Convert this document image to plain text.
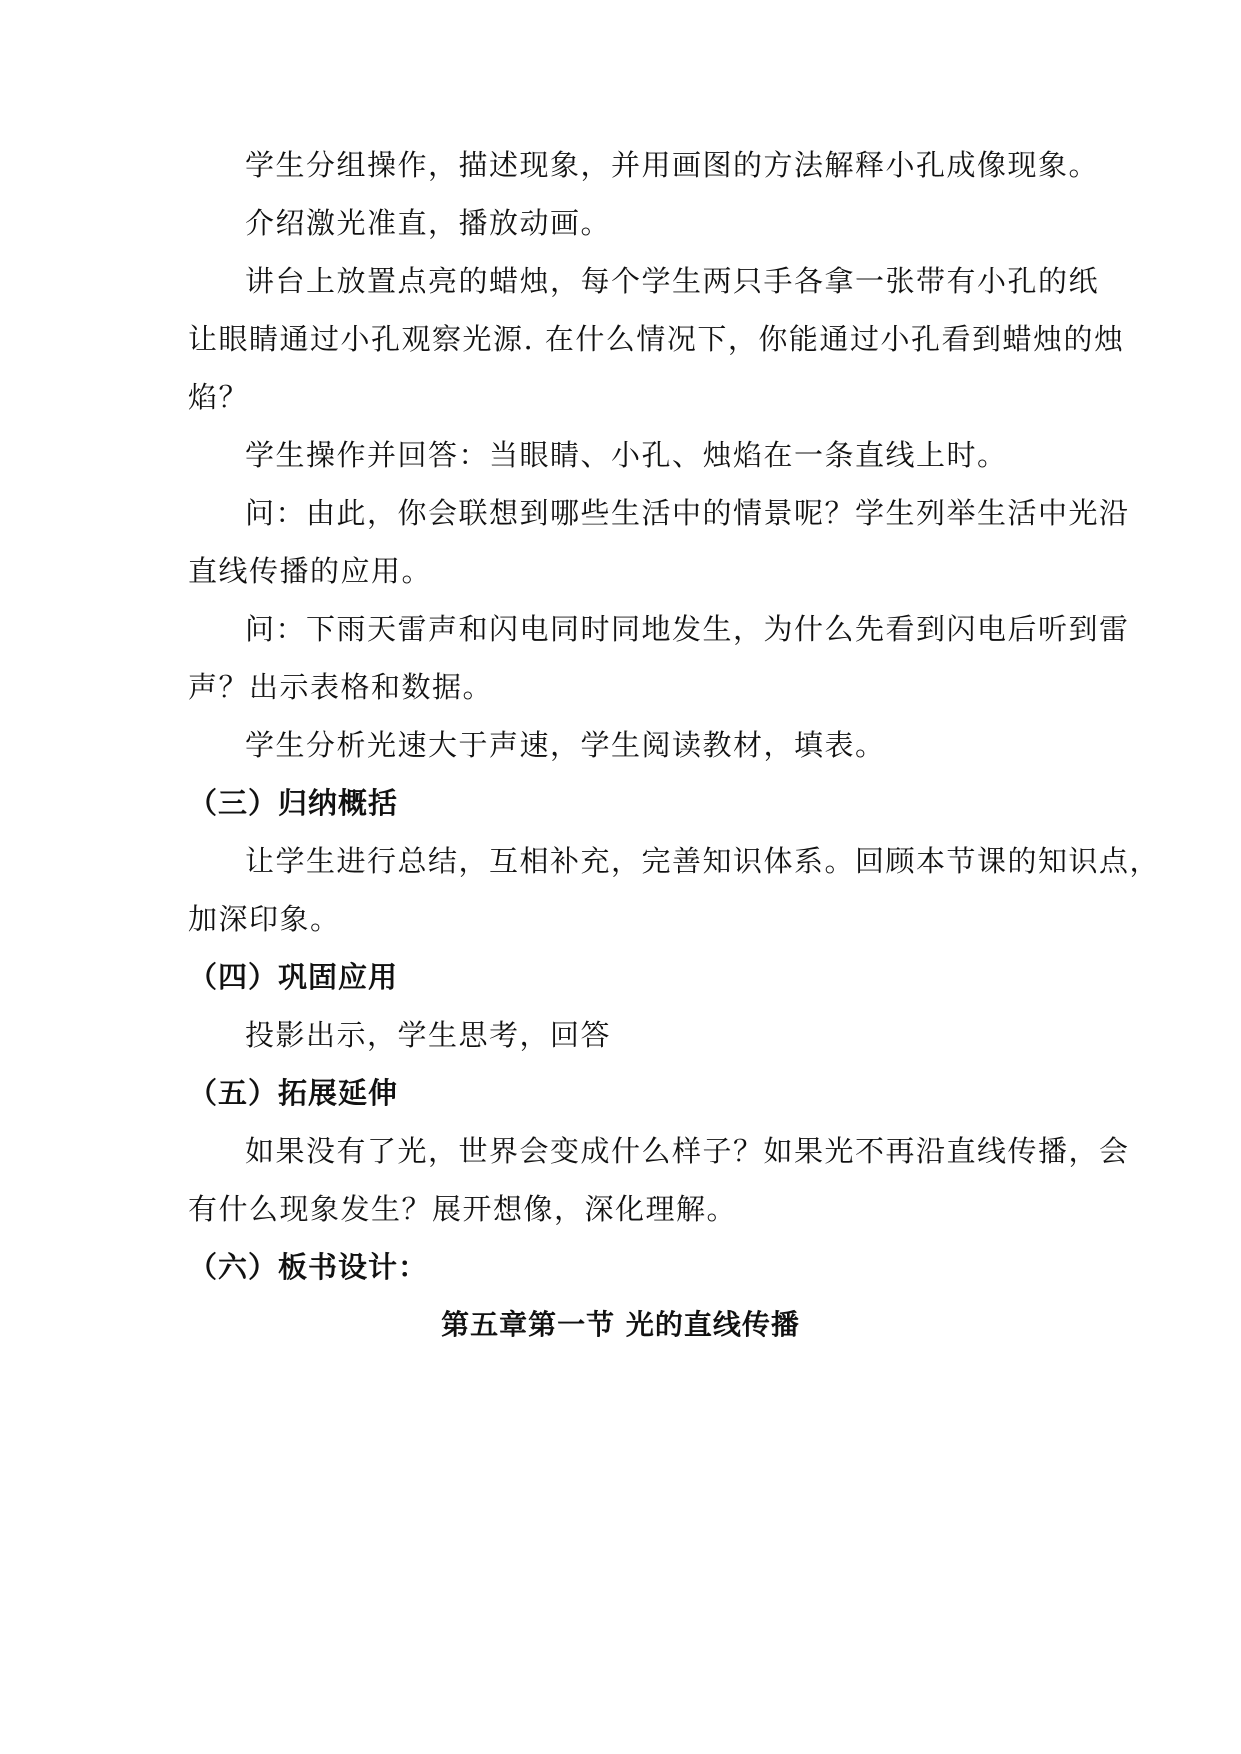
学生分组操作，描述现象，并用画图的方法解释小孔成像现象。
介绍激光准直，播放动画。
讲台上放置点亮的蜡烛，每个学生两只手各拿一张带有小孔的纸
让眼睛通过小孔观察光源. 在什么情况下，你能通过小孔看到蜡烛的烛
焰？
学生操作并回答：当眼睛、小孔、烛焰在一条直线上时。
问：由此，你会联想到哪些生活中的情景呢？学生列举生活中光沿
直线传播的应用。
问：下雨天雷声和闪电同时同地发生，为什么先看到闪电后听到雷
声？出示表格和数据。
学生分析光速大于声速，学生阅读教材，填表。
（三）归纳概括
让学生进行总结，互相补充，完善知识体系。回顾本节课的知识点，
加深印象。
（四）巩固应用
投影出示，学生思考，回答
（五）拓展延伸
如果没有了光，世界会变成什么样子？如果光不再沿直线传播，会
有什么现象发生？展开想像，深化理解。
（六）板书设计：
第五章第一节 光的直线传播
